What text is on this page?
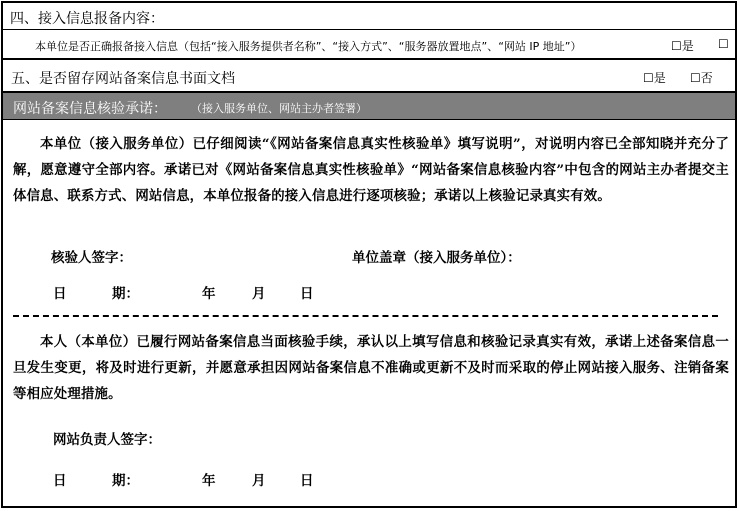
四、接入信息报备内容：
本单位是否正确报备接入信息（包括“接入服务提供者名称”、“接入方式”、“服务器放置地点”、“网站 IP 地址”）	☐是 ☐
五、是否留存网站备案信息书面文档	☐是 ☐否
网站备案信息核验承诺： （接入服务单位、网站主办者签署）

本单位（接入服务单位）已仔细阅读“《网站备案信息真实性核验单》填写说明”，对说明内容已全部知晓并充分了解，愿意遵守全部内容。承诺已对《网站备案信息真实性核验单》“网站备案信息核验内容”中包含的网站主办者提交主体信息、联系方式、网站信息，本单位报备的接入信息进行逐项核验；承诺以上核验记录真实有效。

核验人签字：	单位盖章（接入服务单位）：
日	期：	年	月	日

本人（本单位）已履行网站备案信息当面核验手续，承认以上填写信息和核验记录真实有效，承诺上述备案信息一旦发生变更，将及时进行更新，并愿意承担因网站备案信息不准确或更新不及时而采取的停止网站接入服务、注销备案等相应处理措施。

网站负责人签字：
日	期：	年	月	日
